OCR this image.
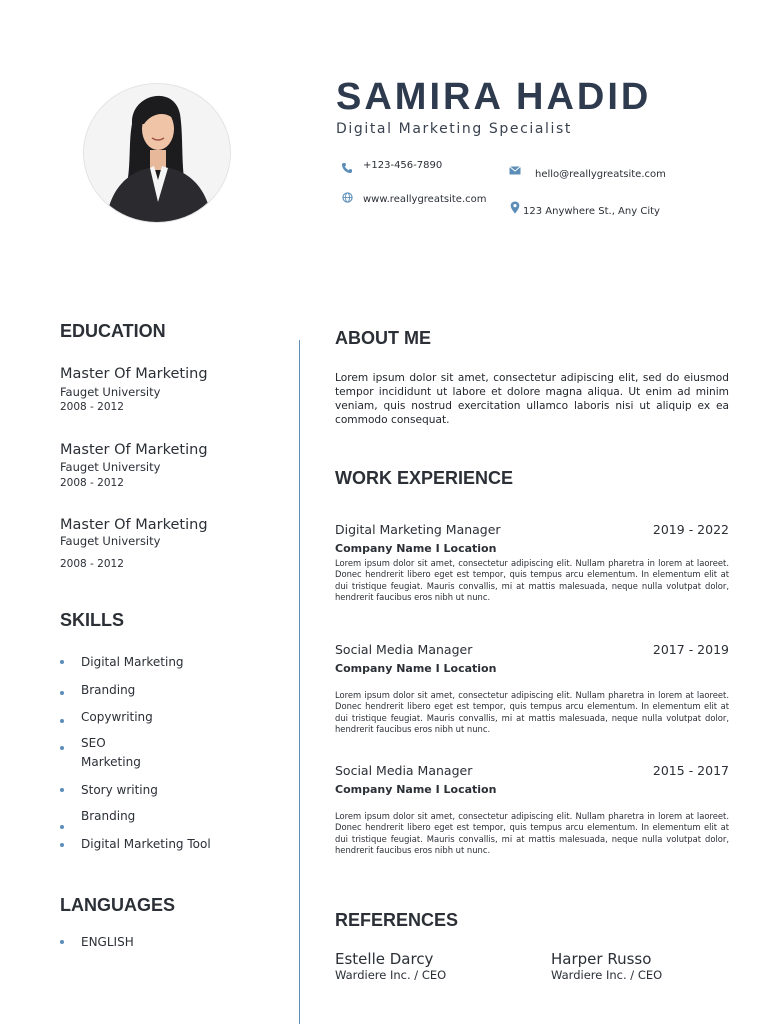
SAMIRA HADID
Digital Marketing Specialist
+123-456-7890
hello@reallygreatsite.com
www.reallygreatsite.com
123 Anywhere St., Any City
EDUCATION
Master Of Marketing
Fauget University
2008 - 2012
Master Of Marketing
Fauget University
2008 - 2012
Master Of Marketing
Fauget University
2008 - 2012
SKILLS
Digital Marketing
Branding
Copywriting
SEO
Marketing
Story writing
Branding
Digital Marketing Tool
LANGUAGES
ENGLISH
ABOUT ME
Lorem ipsum dolor sit amet, consectetur adipiscing elit, sed do eiusmod tempor incididunt ut labore et dolore magna aliqua. Ut enim ad minim veniam, quis nostrud exercitation ullamco laboris nisi ut aliquip ex ea commodo consequat.
WORK EXPERIENCE
Digital Marketing Manager	2019 - 2022
Company Name I Location
Lorem ipsum dolor sit amet, consectetur adipiscing elit. Nullam pharetra in lorem at laoreet. Donec hendrerit libero eget est tempor, quis tempus arcu elementum. In elementum elit at dui tristique feugiat. Mauris convallis, mi at mattis malesuada, neque nulla volutpat dolor, hendrerit faucibus eros nibh ut nunc.
Social Media Manager	2017 - 2019
Company Name I Location
Lorem ipsum dolor sit amet, consectetur adipiscing elit. Nullam pharetra in lorem at laoreet. Donec hendrerit libero eget est tempor, quis tempus arcu elementum. In elementum elit at dui tristique feugiat. Mauris convallis, mi at mattis malesuada, neque nulla volutpat dolor, hendrerit faucibus eros nibh ut nunc.
Social Media Manager	2015 - 2017
Company Name I Location
Lorem ipsum dolor sit amet, consectetur adipiscing elit. Nullam pharetra in lorem at laoreet. Donec hendrerit libero eget est tempor, quis tempus arcu elementum. In elementum elit at dui tristique feugiat. Mauris convallis, mi at mattis malesuada, neque nulla volutpat dolor, hendrerit faucibus eros nibh ut nunc.
REFERENCES
Estelle Darcy
Wardiere Inc. / CEO
Harper Russo
Wardiere Inc. / CEO
